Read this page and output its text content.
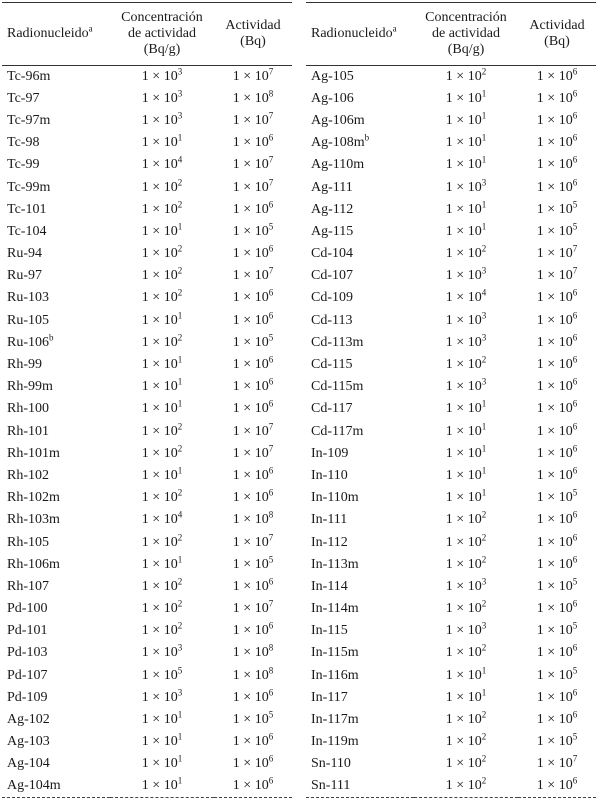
Radionucleido$^a$	Concentración
de actividad
(Bq/g)	Actividad
(Bq)
Tc-96m	$1 \times 10^3$	$1 \times 10^7$
Tc-97	$1 \times 10^3$	$1 \times 10^8$
Tc-97m	$1 \times 10^3$	$1 \times 10^7$
Tc-98	$1 \times 10^1$	$1 \times 10^6$
Tc-99	$1 \times 10^4$	$1 \times 10^7$
Tc-99m	$1 \times 10^2$	$1 \times 10^7$
Tc-101	$1 \times 10^2$	$1 \times 10^6$
Tc-104	$1 \times 10^1$	$1 \times 10^5$
Ru-94	$1 \times 10^2$	$1 \times 10^6$
Ru-97	$1 \times 10^2$	$1 \times 10^7$
Ru-103	$1 \times 10^2$	$1 \times 10^6$
Ru-105	$1 \times 10^1$	$1 \times 10^6$
Ru-106$^b$	$1 \times 10^2$	$1 \times 10^5$
Rh-99	$1 \times 10^1$	$1 \times 10^6$
Rh-99m	$1 \times 10^1$	$1 \times 10^6$
Rh-100	$1 \times 10^1$	$1 \times 10^6$
Rh-101	$1 \times 10^2$	$1 \times 10^7$
Rh-101m	$1 \times 10^2$	$1 \times 10^7$
Rh-102	$1 \times 10^1$	$1 \times 10^6$
Rh-102m	$1 \times 10^2$	$1 \times 10^6$
Rh-103m	$1 \times 10^4$	$1 \times 10^8$
Rh-105	$1 \times 10^2$	$1 \times 10^7$
Rh-106m	$1 \times 10^1$	$1 \times 10^5$
Rh-107	$1 \times 10^2$	$1 \times 10^6$
Pd-100	$1 \times 10^2$	$1 \times 10^7$
Pd-101	$1 \times 10^2$	$1 \times 10^6$
Pd-103	$1 \times 10^3$	$1 \times 10^8$
Pd-107	$1 \times 10^5$	$1 \times 10^8$
Pd-109	$1 \times 10^3$	$1 \times 10^6$
Ag-102	$1 \times 10^1$	$1 \times 10^5$
Ag-103	$1 \times 10^1$	$1 \times 10^6$
Ag-104	$1 \times 10^1$	$1 \times 10^6$
Ag-104m	$1 \times 10^1$	$1 \times 10^6$

Radionucleido$^a$	Concentración
de actividad
(Bq/g)	Actividad
(Bq)
Ag-105	$1 \times 10^2$	$1 \times 10^6$
Ag-106	$1 \times 10^1$	$1 \times 10^6$
Ag-106m	$1 \times 10^1$	$1 \times 10^6$
$Ag-108m^b$	$1 \times 10^1$	$1 \times 10^6$
Ag-110m	$1 \times 10^1$	$1 \times 10^6$
Ag-111	$1 \times 10^3$	$1 \times 10^6$
Ag-112	$1 \times 10^1$	$1 \times 10^5$
Ag-115	$1 \times 10^1$	$1 \times 10^5$
Cd-104	$1 \times 10^2$	$1 \times 10^7$
Cd-107	$1 \times 10^3$	$1 \times 10^7$
Cd-109	$1 \times 10^4$	$1 \times 10^6$
Cd-113	$1 \times 10^3$	$1 \times 10^6$
Cd-113m	$1 \times 10^3$	$1 \times 10^6$
Cd-115	$1 \times 10^2$	$1 \times 10^6$
Cd-115m	$1 \times 10^3$	$1 \times 10^6$
Cd-117	$1 \times 10^1$	$1 \times 10^6$
Cd-117m	$1 \times 10^1$	$1 \times 10^6$
In-109	$1 \times 10^1$	$1 \times 10^6$
In-110	$1 \times 10^1$	$1 \times 10^6$
In-110m	$1 \times 10^1$	$1 \times 10^5$
In-111	$1 \times 10^2$	$1 \times 10^6$
In-112	$1 \times 10^2$	$1 \times 10^6$
In-113m	$1 \times 10^2$	$1 \times 10^6$
In-114	$1 \times 10^3$	$1 \times 10^5$
In-114m	$1 \times 10^2$	$1 \times 10^6$
In-115	$1 \times 10^3$	$1 \times 10^5$
In-115m	$1 \times 10^2$	$1 \times 10^6$
In-116m	$1 \times 10^1$	$1 \times 10^5$
In-117	$1 \times 10^1$	$1 \times 10^6$
In-117m	$1 \times 10^2$	$1 \times 10^6$
In-119m	$1 \times 10^2$	$1 \times 10^5$
Sn-110	$1 \times 10^2$	$1 \times 10^7$
Sn-111	$1 \times 10^2$	$1 \times 10^6$
